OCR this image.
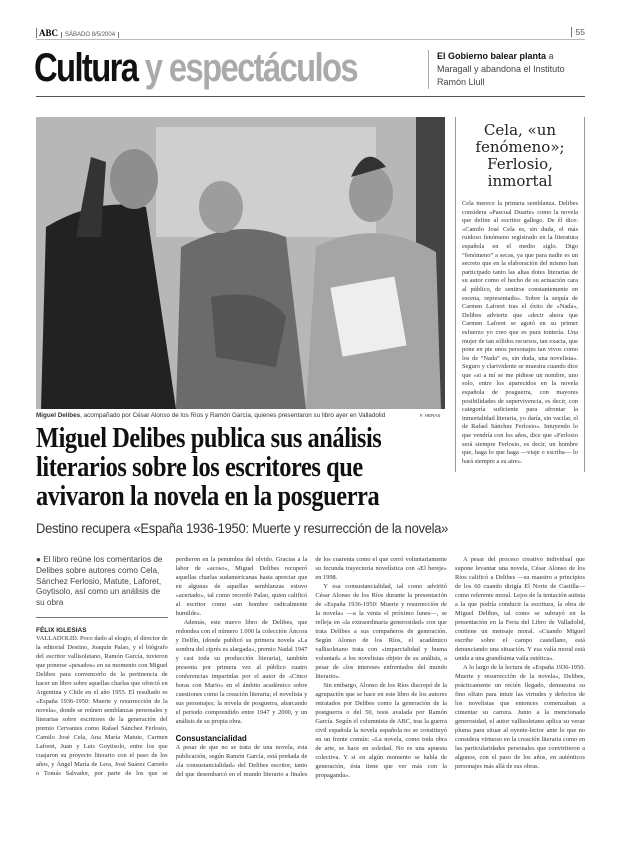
ABC SÁBADO 8/5/2004	55
Cultura y espectáculos	El Gobierno balear planta a Maragall y abandona el Instituto Ramón Llull
Miguel Delibes, acompañado por César Alonso de los Ríos y Ramón García, quienes presentaron su libro ayer en Valladolid	F. HERAS
Miguel Delibes publica sus análisis literarios sobre los escritores que avivaron la novela en la posguerra
Destino recupera «España 1936-1950: Muerte y resurrección de la novela»
Cela, «un fenómeno»; Ferlosio, inmortal

Cela merece la primera semblanza. Delibes considera «Pascual Duarte» como la novela que define al escritor gallego. De él dice: «Camilo José Cela es, sin duda, el más ruidoso fenómeno registrado en la literatura española en el medio siglo. Digo “fenómeno” a secas, ya que para nadie es un secreto que en la elaboración del mismo han participado tanto las altas dotes literarias de su autor como el hecho de su actuación cara al público, de sentirse constantemente en escena, representado». Sobre la sequía de Carmen Laforet tras el éxito de «Nada», Delibes advierte que «decir ahora que Carmen Laforet se agotó en su primer esfuerzo yo creo que es pura tontería. Una mujer de tan sólidos recursos, tan exacta, que pone en pie unos personajes tan vivos como los de “Nada” es, sin duda, una novelista». Seguro y clarividente se muestra cuando dice que «si a mí se me pidiese un nombre, uno solo, entre los aparecidos en la novela española de posguerra, con mayores posibilidades de supervivencia, es decir, con categoría suficiente para afrontar la inmortalidad literaria, yo daría, sin vacilar, el de Rafael Sánchez Ferlosio». Intuyendo lo que vendría con los años, dice que «Ferlosio será siempre Ferlosio, es decir, un hombre que, haga lo que haga —viaje o escriba— lo hará siempre a su aire».

● El libro reúne los comentarios de Delibes sobre autores como Cela, Sánchez Ferlosio, Matute, Laforet, Goytisolo, así como un análisis de su obra
FÉLIX IGLESIAS

VALLADOLID. Poco dado al elogio, el director de la editorial Destino, Joaquín Palao, y el biógrafo del escritor vallisoletano, Ramón García, tuvieron que ponerse «pesados» en su momento con Miguel Delibes para convencerlo de la pertinencia de hacer un libro sobre aquellas charlas que ofreció en Argentina y Chile en el año 1955. El resultado es «España 1936-1950: Muerte y resurrección de la novela», donde se reúnen semblanzas personales y literarias sobre escritores de la generación del premio Cervantes como Rafael Sánchez Ferlosio, Camilo José Cela, Ana María Matute, Carmen Laforet, Juan y Luis Goytisolo, entre los que cuajaron su proyecto literario con el paso de los años, y Ángel María de Lera, José Suárez Carreño o Tomás Salvador, por parte de los que se perdieron en la penumbra del olvido. Gracias a la labor de «acoso», Miguel Delibes recuperó aquellas charlas sudamericanas hasta apreciar que en algunas de aquellas semblanzas estuvo «acertado», tal como recordó Palao, quien calificó al escritor como «un hombre radicalmente humilde».

Además, este nuevo libro de Delibes, que redondea con el número 1.000 la colección Áncora y Delfín, (donde publicó su primera novela «La sombra del ciprés es alargada», premio Nadal 1947 y casi toda su producción literaria), también presenta por primera vez al público cuatro conferencias impartidas por el autor de «Cinco horas con Mario» en el ámbito académico sobre cuestiones como la creación literaria; el novelista y sus personajes; la novela de posguerra, abarcando el periodo comprendido entre 1947 y 2000, y un análisis de su propia obra.

Consustancialidad

A pesar de que no se trata de una novela, esta publicación, según Ramón García, está preñada de «la consustancialidad» del Delibes escritor, tanto del que desembarcó en el mundo literario a finales de los cuarenta como el que cerró voluntariamente su fecunda trayectoria novelística con «El hereje» en 1998.

Y esa consustancialidad, tal como advirtió César Alonso de los Ríos durante la presentación de «España 1936-1950: Muerte y resurrección de la novela» —a la venta el próximo lunes—, se refleja en «la extraordinaria generosidad» con que trata Delibes a sus compañeros de generación. Según Alonso de los Ríos, el académico vallisoletano trata con «imparcialidad y buena voluntad» a los novelistas objeto de su análisis, a pesar de «los intereses enfrentados del mundo literario».

Sin embargo, Alonso de los Ríos discrepó de la agrupación que se hace en este libro de los autores retratados por Delibes como la generación de la postguerra o del 50, tesis avalada por Ramón García. Según el columnista de ABC, tras la guerra civil española la novela española no se constituyó en un frente común: «La novela, como toda obra de arte, se hace en soledad. No es una apuesta colectiva. Y si en algún momento se habla de generación, ésta tiene que ver más con la propaganda».

A pesar del proceso creativo individual que supone levantar una novela, César Alonso de los Ríos calificó a Delibes —su maestro a principios de los 60 cuando dirigía El Norte de Castilla— como referente moral. Lejos de la tentación autista a la que podría conducir la escritura, la obra de Miguel Delibes, tal como se subrayó en la presentación en la Feria del Libro de Valladolid, contiene un mensaje moral. «Cuando Miguel escribe sobre el campo castellano, está denunciando una situación. Y esa valía moral está unida a una grandísima valía estética».

A lo largo de la lectura de «España 1936-1950. Muerte y resurrección de la novela», Delibes, prácticamente un recién llegado, demuestra su fino olfato para intuir las virtudes y defectos de los novelistas que entonces comenzaban a cimentar su carrera. Junto a la mencionada generosidad, el autor vallisoletano aplica su veraz pluma para situar al oyente-lector ante lo que no considera virtuoso en la creación literaria como en las particularidades personales que convirtieron a algunos, con el paso de los años, en auténticos personajes más allá de sus obras.
